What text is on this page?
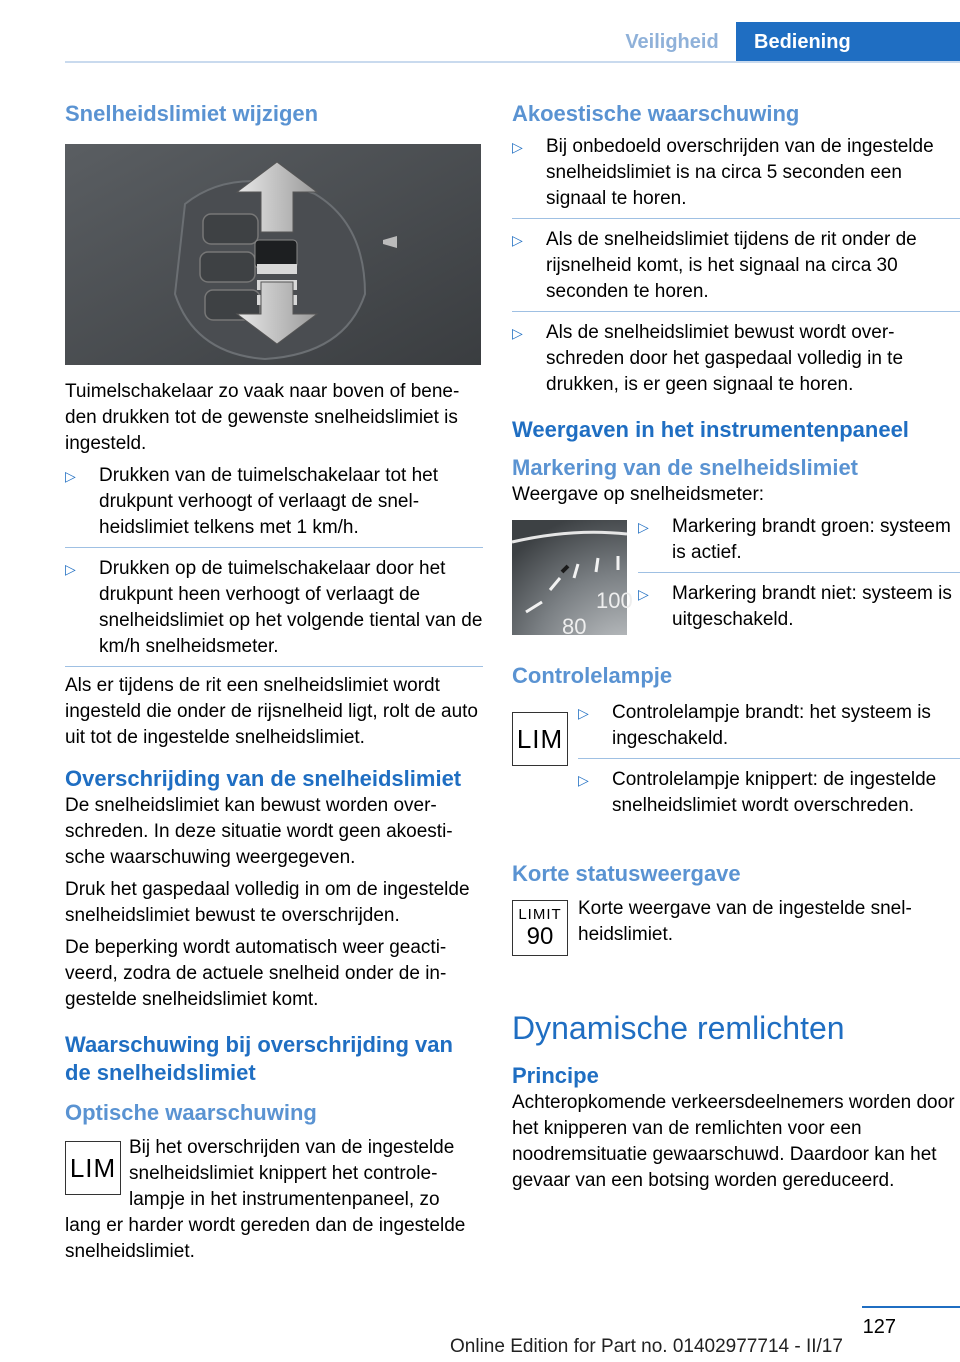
Veiligheid	Bediening
Snelheidslimiet wijzigen

Tuimelschakelaar zo vaak naar boven of beneden drukken tot de gewenste snelheidslimiet is ingesteld.

▷ Drukken van de tuimelschakelaar tot het drukpunt verhoogt of verlaagt de snelheidslimiet telkens met 1 km/h.
▷ Drukken op de tuimelschakelaar door het drukpunt heen verhoogt of verlaagt de snelheidslimiet op het volgende tiental van de km/h snelheidsmeter.

Als er tijdens de rit een snelheidslimiet wordt ingesteld die onder de rijsnelheid ligt, rolt de auto uit tot de ingestelde snelheidslimiet.

Overschrijding van de snelheidslimiet

De snelheidslimiet kan bewust worden overschreden. In deze situatie wordt geen akoestische waarschuwing weergegeven.

Druk het gaspedaal volledig in om de ingestelde snelheidslimiet bewust te overschrijden.

De beperking wordt automatisch weer geactiveerd, zodra de actuele snelheid onder de ingestelde snelheidslimiet komt.

Waarschuwing bij overschrijding van de snelheidslimiet
Optische waarschuwing
LIM

Bij het overschrijden van de ingestelde snelheidslimiet knippert het controlelampje in het instrumentenpaneel, zo

lang er harder wordt gereden dan de ingestelde snelheidslimiet.

Akoestische waarschuwing
▷ Bij onbedoeld overschrijden van de ingestelde snelheidslimiet is na circa 5 seconden een signaal te horen.
▷ Als de snelheidslimiet tijdens de rit onder de rijsnelheid komt, is het signaal na circa 30 seconden te horen.
▷ Als de snelheidslimiet bewust wordt overschreden door het gaspedaal volledig in te drukken, is er geen signaal te horen.
Weergaven in het instrumentenpaneel
Markering van de snelheidslimiet

Weergave op snelheidsmeter:

100
80
▷ Markering brandt groen: systeem is actief.
▷ Markering brandt niet: systeem is uitgeschakeld.
Controlelampje
LIM
▷ Controlelampje brandt: het systeem is ingeschakeld.
▷ Controlelampje knippert: de ingestelde snelheidslimiet wordt overschreden.
Korte statusweergave
LIMIT
90

Korte weergave van de ingestelde snelheidslimiet.

Dynamische remlichten
Principe

Achteropkomende verkeersdeelnemers worden door het knipperen van de remlichten voor een noodremsituatie gewaarschuwd. Daardoor kan het gevaar van een botsing worden gereduceerd.

127
Online Edition for Part no. 01402977714 - II/17
